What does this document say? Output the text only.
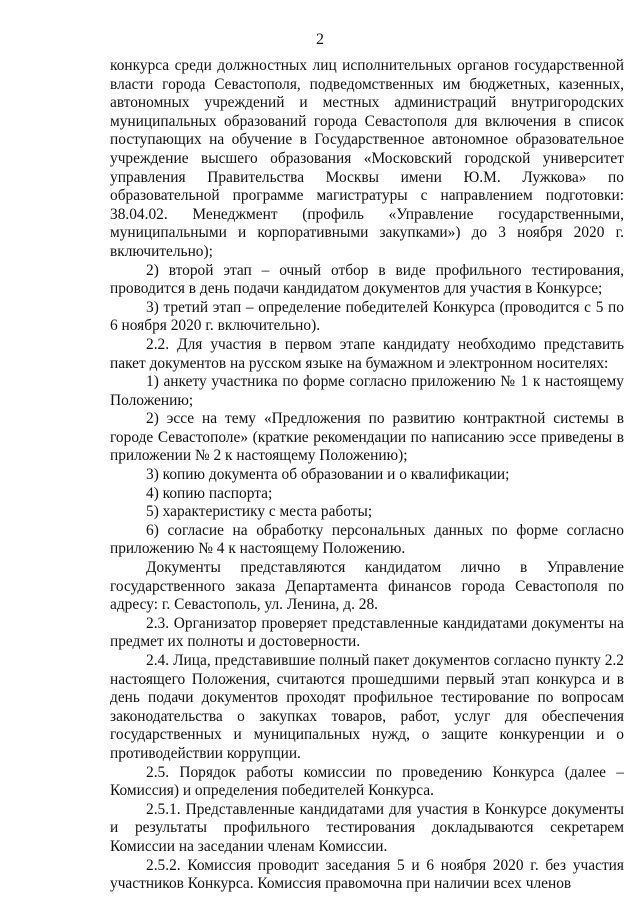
2

конкурса среди должностных лиц исполнительных органов государственной власти города Севастополя, подведомственных им бюджетных, казенных, автономных учреждений и местных администраций внутригородских муниципальных образований города Севастополя для включения в список поступающих на обучение в Государственное автономное образовательное учреждение высшего образования «Московский городской университет управления Правительства Москвы имени Ю.М. Лужкова» по образовательной программе магистратуры с направлением подготовки: 38.04.02. Менеджмент (профиль «Управление государственными, муниципальными и корпоративными закупками») до 3 ноября 2020 г. включительно);

2) второй этап – очный отбор в виде профильного тестирования, проводится в день подачи кандидатом документов для участия в Конкурсе;

3) третий этап – определение победителей Конкурса (проводится с 5 по 6 ноября 2020 г. включительно).

2.2. Для участия в первом этапе кандидату необходимо представить пакет документов на русском языке на бумажном и электронном носителях:

1) анкету участника по форме согласно приложению № 1 к настоящему Положению;

2) эссе на тему «Предложения по развитию контрактной системы в городе Севастополе» (краткие рекомендации по написанию эссе приведены в приложении № 2 к настоящему Положению);

3) копию документа об образовании и о квалификации;

4) копию паспорта;

5) характеристику с места работы;

6) согласие на обработку персональных данных по форме согласно приложению № 4 к настоящему Положению.

Документы представляются кандидатом лично в Управление государственного заказа Департамента финансов города Севастополя по адресу: г. Севастополь, ул. Ленина, д. 28.

2.3. Организатор проверяет представленные кандидатами документы на предмет их полноты и достоверности.

2.4. Лица, представившие полный пакет документов согласно пункту 2.2 настоящего Положения, считаются прошедшими первый этап конкурса и в день подачи документов проходят профильное тестирование по вопросам законодательства о закупках товаров, работ, услуг для обеспечения государственных и муниципальных нужд, о защите конкуренции и о противодействии коррупции.

2.5. Порядок работы комиссии по проведению Конкурса (далее – Комиссия) и определения победителей Конкурса.

2.5.1. Представленные кандидатами для участия в Конкурсе документы и результаты профильного тестирования докладываются секретарем Комиссии на заседании членам Комиссии.

2.5.2. Комиссия проводит заседания 5 и 6 ноября 2020 г. без участия участников Конкурса. Комиссия правомочна при наличии всех членов
